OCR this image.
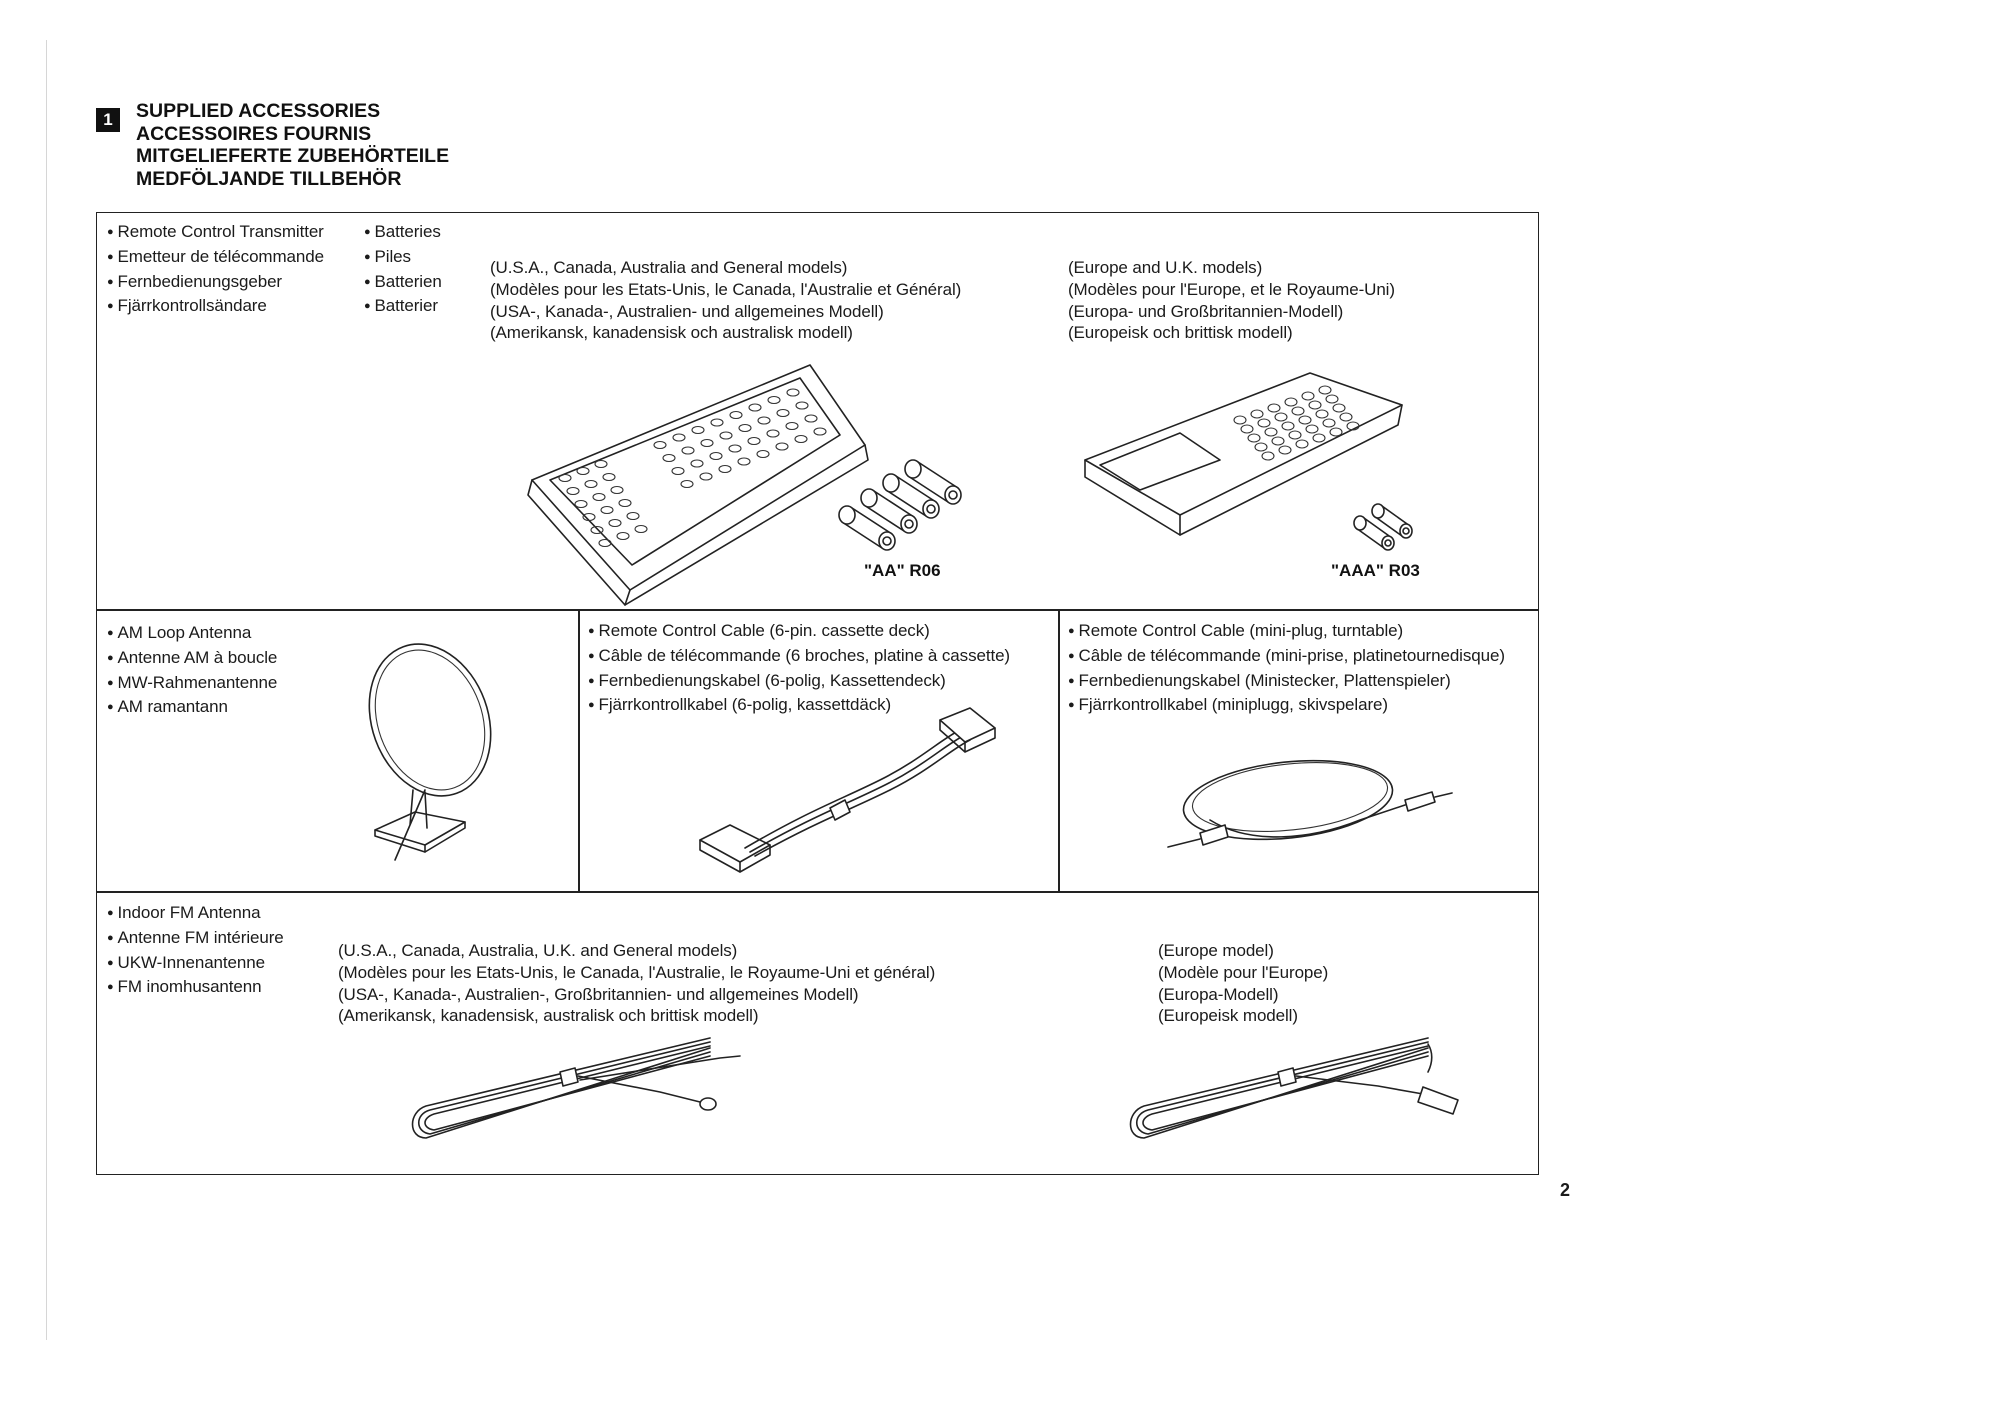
1	SUPPLIED ACCESSORIES
ACCESSOIRES FOURNIS
MITGELIEFERTE ZUBEHÖRTEILE
MEDFÖLJANDE TILLBEHÖR
● Remote Control Transmitter
● Emetteur de télécommande
● Fernbedienungsgeber
● Fjärrkontrollsändare
● Batteries
● Piles
● Batterien
● Batterier
(U.S.A., Canada, Australia and General models)
(Modèles pour les Etats-Unis, le Canada, l'Australie et Général)
(USA-, Kanada-, Australien- und allgemeines Modell)
(Amerikansk, kanadensisk och australisk modell)
(Europe and U.K. models)
(Modèles pour l'Europe, et le Royaume-Uni)
(Europa- und Großbritannien-Modell)
(Europeisk och brittisk modell)
"AA" R06	"AAA" R03
● AM Loop Antenna
● Antenne AM à boucle
● MW-Rahmenantenne
● AM ramantann
● Remote Control Cable (6-pin. cassette deck)
● Câble de télécommande (6 broches, platine à cassette)
● Fernbedienungskabel (6-polig, Kassettendeck)
● Fjärrkontrollkabel (6-polig, kassettdäck)
● Remote Control Cable (mini-plug, turntable)
● Câble de télécommande (mini-prise, platinetournedisque)
● Fernbedienungskabel (Ministecker, Plattenspieler)
● Fjärrkontrollkabel (miniplugg, skivspelare)
● Indoor FM Antenna
● Antenne FM intérieure
● UKW-Innenantenne
● FM inomhusantenn
(U.S.A., Canada, Australia, U.K. and General models)
(Modèles pour les Etats-Unis, le Canada, l'Australie, le Royaume-Uni et général)
(USA-, Kanada-, Australien-, Großbritannien- und allgemeines Modell)
(Amerikansk, kanadensisk, australisk och brittisk modell)
(Europe model)
(Modèle pour l'Europe)
(Europa-Modell)
(Europeisk modell)
2
